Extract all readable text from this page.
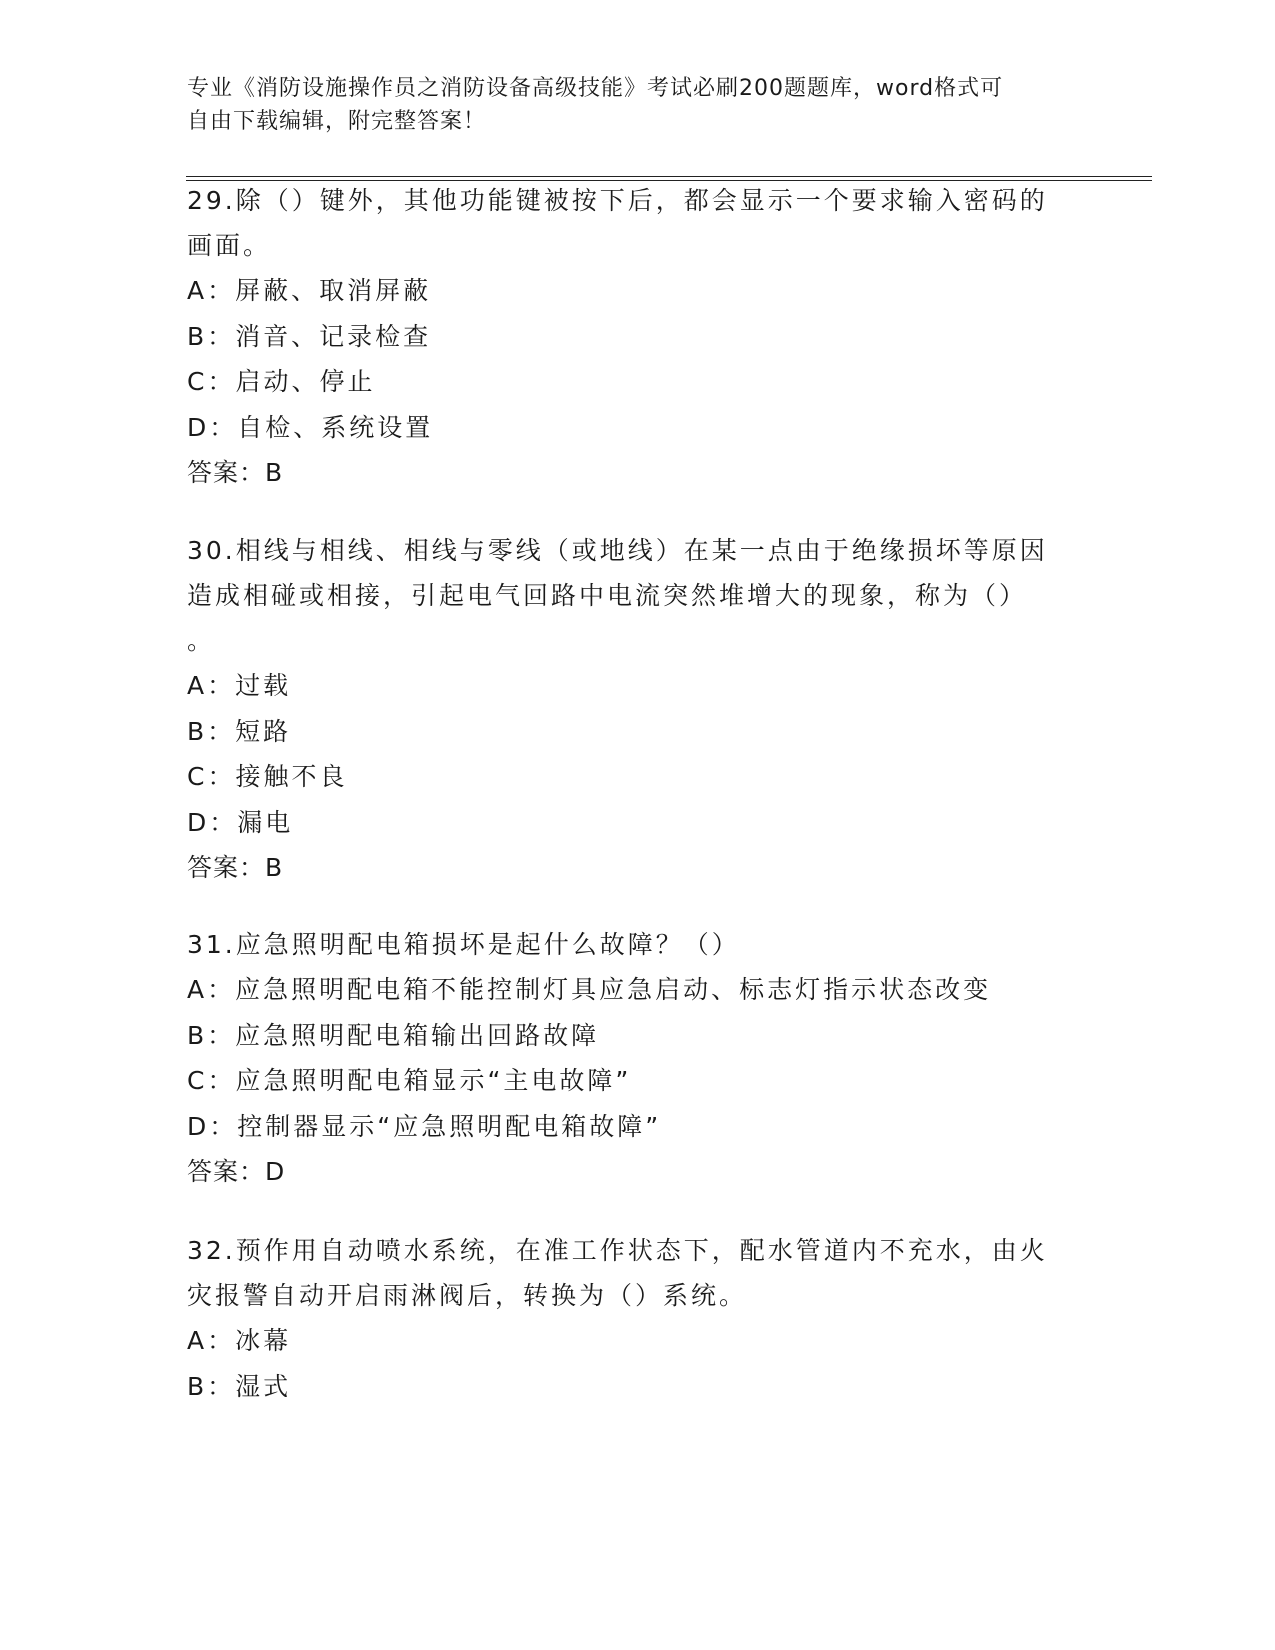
专业《消防设施操作员之消防设备高级技能》考试必刷200题题库，word格式可
自由下载编辑，附完整答案！

29.除（）键外，其他功能键被按下后，都会显示一个要求输入密码的

画面。

A：屏蔽、取消屏蔽

B：消音、记录检查

C：启动、停止

D：自检、系统设置

答案：B

30.相线与相线、相线与零线（或地线）在某一点由于绝缘损坏等原因

造成相碰或相接，引起电气回路中电流突然堆增大的现象，称为（）

。

A：过载

B：短路

C：接触不良

D：漏电

答案：B

31.应急照明配电箱损坏是起什么故障？（）

A：应急照明配电箱不能控制灯具应急启动、标志灯指示状态改变

B：应急照明配电箱输出回路故障

C：应急照明配电箱显示“主电故障”

D：控制器显示“应急照明配电箱故障”

答案：D

32.预作用自动喷水系统，在准工作状态下，配水管道内不充水，由火

灾报警自动开启雨淋阀后，转换为（）系统。

A：冰幕

B：湿式
